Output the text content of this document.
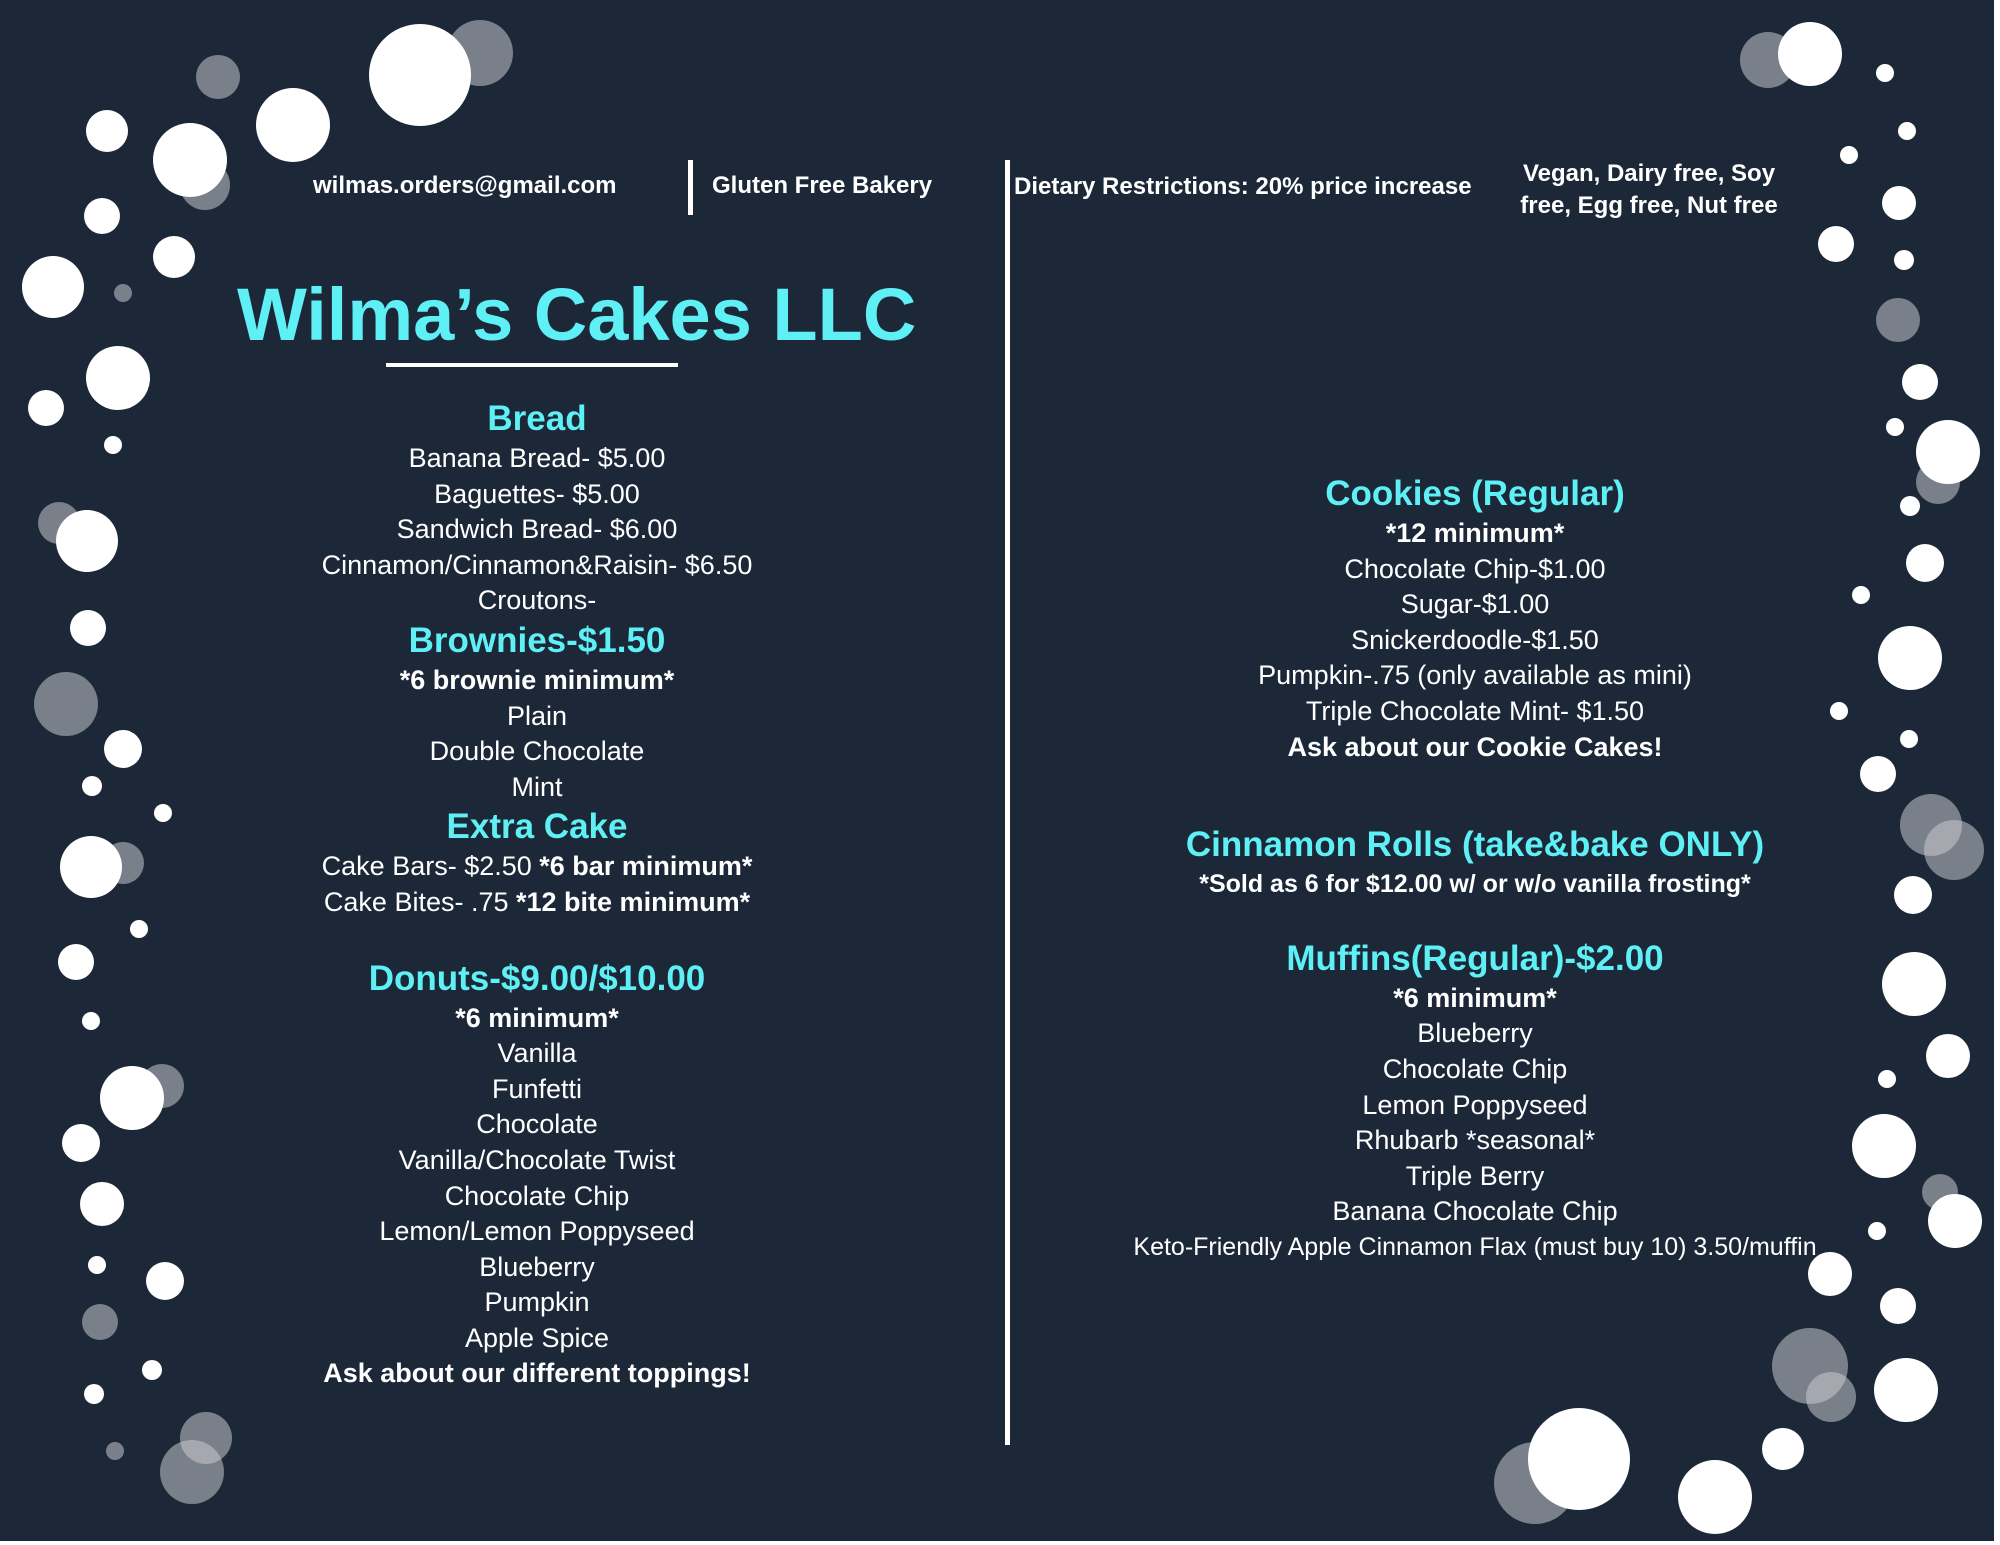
wilmas.orders@gmail.com	Gluten Free Bakery	Dietary Restrictions: 20% price increase Vegan, Dairy free, Soy
free, Egg free, Nut free
Wilma’s Cakes LLC

Bread

Banana Bread- $5.00

Baguettes- $5.00

Sandwich Bread- $6.00

Cinnamon/Cinnamon&Raisin- $6.50

Croutons-

Brownies-$1.50

*6 brownie minimum*

Plain

Double Chocolate

Mint

Extra Cake

Cake Bars- $2.50 *6 bar minimum*

Cake Bites- .75 *12 bite minimum*

Donuts-$9.00/$10.00

*6 minimum*

Vanilla

Funfetti

Chocolate

Vanilla/Chocolate Twist

Chocolate Chip

Lemon/Lemon Poppyseed

Blueberry

Pumpkin

Apple Spice

Ask about our different toppings!

Cookies (Regular)

*12 minimum*

Chocolate Chip-$1.00

Sugar-$1.00

Snickerdoodle-$1.50

Pumpkin-.75 (only available as mini)

Triple Chocolate Mint- $1.50

Ask about our Cookie Cakes!

Cinnamon Rolls (take&bake ONLY)

*Sold as 6 for $12.00 w/ or w/o vanilla frosting*

Muffins(Regular)-$2.00

*6 minimum*

Blueberry

Chocolate Chip

Lemon Poppyseed

Rhubarb *seasonal*

Triple Berry

Banana Chocolate Chip

Keto-Friendly Apple Cinnamon Flax (must buy 10) 3.50/muffin
